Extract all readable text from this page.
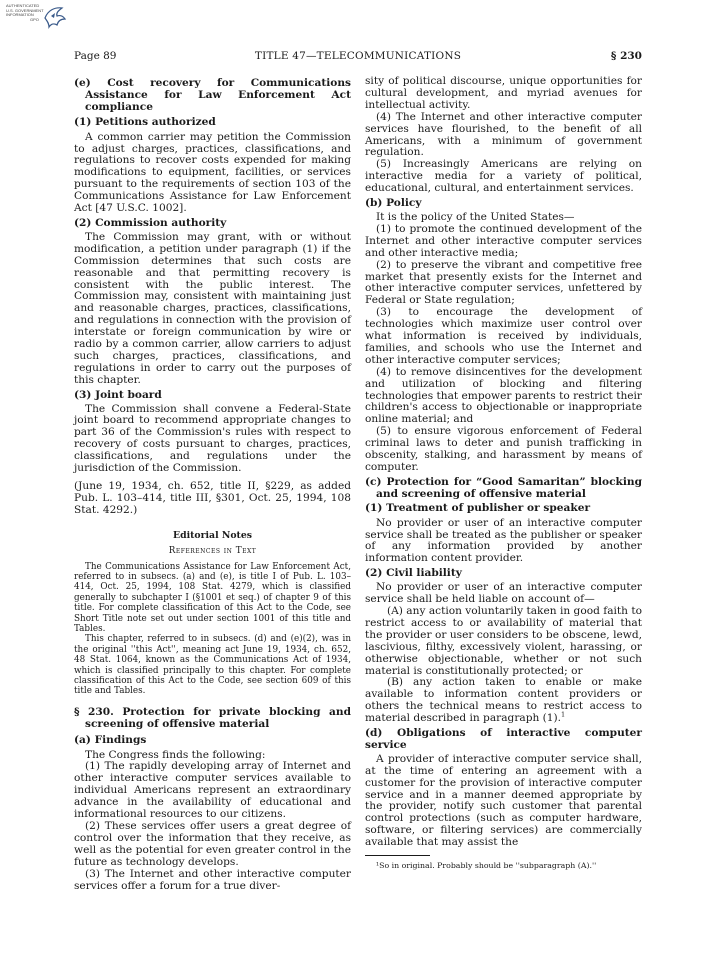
AUTHENTICATED
U.S. GOVERNMENT
INFORMATION
GPO
TITLE 47—TELECOMMUNICATIONS
Page 89	§ 230

(e) Cost recovery for Communications Assistance for Law Enforcement Act compliance

(1) Petitions authorized

A common carrier may petition the Commission to adjust charges, practices, classifications, and regulations to recover costs expended for making modifications to equipment, facilities, or services pursuant to the requirements of section 103 of the Communications Assistance for Law Enforcement Act [47 U.S.C. 1002].

(2) Commission authority

The Commission may grant, with or without modification, a petition under paragraph (1) if the Commission determines that such costs are reasonable and that permitting recovery is consistent with the public interest. The Commission may, consistent with maintaining just and reasonable charges, practices, classifications, and regulations in connection with the provision of interstate or foreign communication by wire or radio by a common carrier, allow carriers to adjust such charges, practices, classifications, and regulations in order to carry out the purposes of this chapter.

(3) Joint board

The Commission shall convene a Federal-State joint board to recommend appropriate changes to part 36 of the Commission's rules with respect to recovery of costs pursuant to charges, practices, classifications, and regulations under the jurisdiction of the Commission.

(June 19, 1934, ch. 652, title II, §229, as added Pub. L. 103–414, title III, §301, Oct. 25, 1994, 108 Stat. 4292.)

Editorial Notes
References in Text

The Communications Assistance for Law Enforcement Act, referred to in subsecs. (a) and (e), is title I of Pub. L. 103–414, Oct. 25, 1994, 108 Stat. 4279, which is classified generally to subchapter I (§1001 et seq.) of chapter 9 of this title. For complete classification of this Act to the Code, see Short Title note set out under section 1001 of this title and Tables.

This chapter, referred to in subsecs. (d) and (e)(2), was in the original ''this Act'', meaning act June 19, 1934, ch. 652, 48 Stat. 1064, known as the Communications Act of 1934, which is classified principally to this chapter. For complete classification of this Act to the Code, see section 609 of this title and Tables.

§ 230. Protection for private blocking and screening of offensive material

(a) Findings

The Congress finds the following:

(1) The rapidly developing array of Internet and other interactive computer services available to individual Americans represent an extraordinary advance in the availability of educational and informational resources to our citizens.

(2) These services offer users a great degree of control over the information that they receive, as well as the potential for even greater control in the future as technology develops.

(3) The Internet and other interactive computer services offer a forum for a true diver-

sity of political discourse, unique opportunities for cultural development, and myriad avenues for intellectual activity.

(4) The Internet and other interactive computer services have flourished, to the benefit of all Americans, with a minimum of government regulation.

(5) Increasingly Americans are relying on interactive media for a variety of political, educational, cultural, and entertainment services.

(b) Policy

It is the policy of the United States—

(1) to promote the continued development of the Internet and other interactive computer services and other interactive media;

(2) to preserve the vibrant and competitive free market that presently exists for the Internet and other interactive computer services, unfettered by Federal or State regulation;

(3) to encourage the development of technologies which maximize user control over what information is received by individuals, families, and schools who use the Internet and other interactive computer services;

(4) to remove disincentives for the development and utilization of blocking and filtering technologies that empower parents to restrict their children's access to objectionable or inappropriate online material; and

(5) to ensure vigorous enforcement of Federal criminal laws to deter and punish trafficking in obscenity, stalking, and harassment by means of computer.

(c) Protection for “Good Samaritan” blocking and screening of offensive material

(1) Treatment of publisher or speaker

No provider or user of an interactive computer service shall be treated as the publisher or speaker of any information provided by another information content provider.

(2) Civil liability

No provider or user of an interactive computer service shall be held liable on account of—

(A) any action voluntarily taken in good faith to restrict access to or availability of material that the provider or user considers to be obscene, lewd, lascivious, filthy, excessively violent, harassing, or otherwise objectionable, whether or not such material is constitutionally protected; or

(B) any action taken to enable or make available to information content providers or others the technical means to restrict access to material described in paragraph (1).$^1$

(d) Obligations of interactive computer service

A provider of interactive computer service shall, at the time of entering an agreement with a customer for the provision of interactive computer service and in a manner deemed appropriate by the provider, notify such customer that parental control protections (such as computer hardware, software, or filtering services) are commercially available that may assist the

¹So in original. Probably should be ''subparagraph (A).''
